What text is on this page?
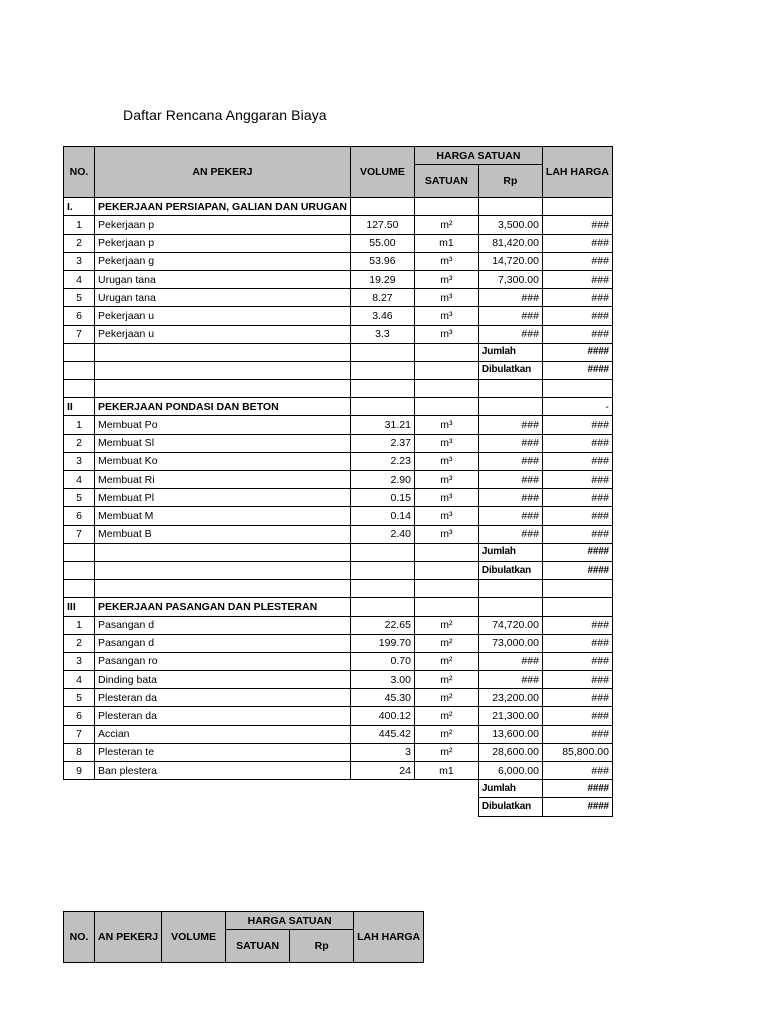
Daftar Rencana Anggaran Biaya
NO.	AN PEKERJ	VOLUME	HARGA SATUAN		LAH HARGA
			SATUAN	Rp	
I.	PEKERJAAN PERSIAPAN, GALIAN DAN URUGAN				
1	Pekerjaan p	127.50	m²	3,500.00	###
2	Pekerjaan p	55.00	m1	81,420.00	###
3	Pekerjaan g	53.96	m³	14,720.00	###
4	Urugan tana	19.29	m³	7,300.00	###
5	Urugan tana	8.27	m³	###	###
6	Pekerjaan u	3.46	m³	###	###
7	Pekerjaan u	3.3	m³	###	###
				Jumlah	####
				Dibulatkan	####

II	PEKERJAAN PONDASI DAN BETON				-
1	Membuat Po	31.21	m³	###	###
2	Membuat Sl	2.37	m³	###	###
3	Membuat Ko	2.23	m³	###	###
4	Membuat Ri	2.90	m³	###	###
5	Membuat Pl	0.15	m³	###	###
6	Membuat M	0.14	m³	###	###
7	Membuat B	2.40	m³	###	###
				Jumlah	####
				Dibulatkan	####

III	PEKERJAAN PASANGAN DAN PLESTERAN				
1	Pasangan d	22.65	m²	74,720.00	###
2	Pasangan d	199.70	m²	73,000.00	###
3	Pasangan ro	0.70	m²	###	###
4	Dinding bata	3.00	m²	###	###
5	Plesteran da	45.30	m²	23,200.00	###
6	Plesteran da	400.12	m²	21,300.00	###
7	Accian	445.42	m²	13,600.00	###
8	Plesteran te	3	m²	28,600.00	85,800.00
9	Ban plestera	24	m1	6,000.00	###
				Jumlah	####
				Dibulatkan	####
NO.	AN PEKERJ	VOLUME	HARGA SATUAN		LAH HARGA
			SATUAN	Rp	
